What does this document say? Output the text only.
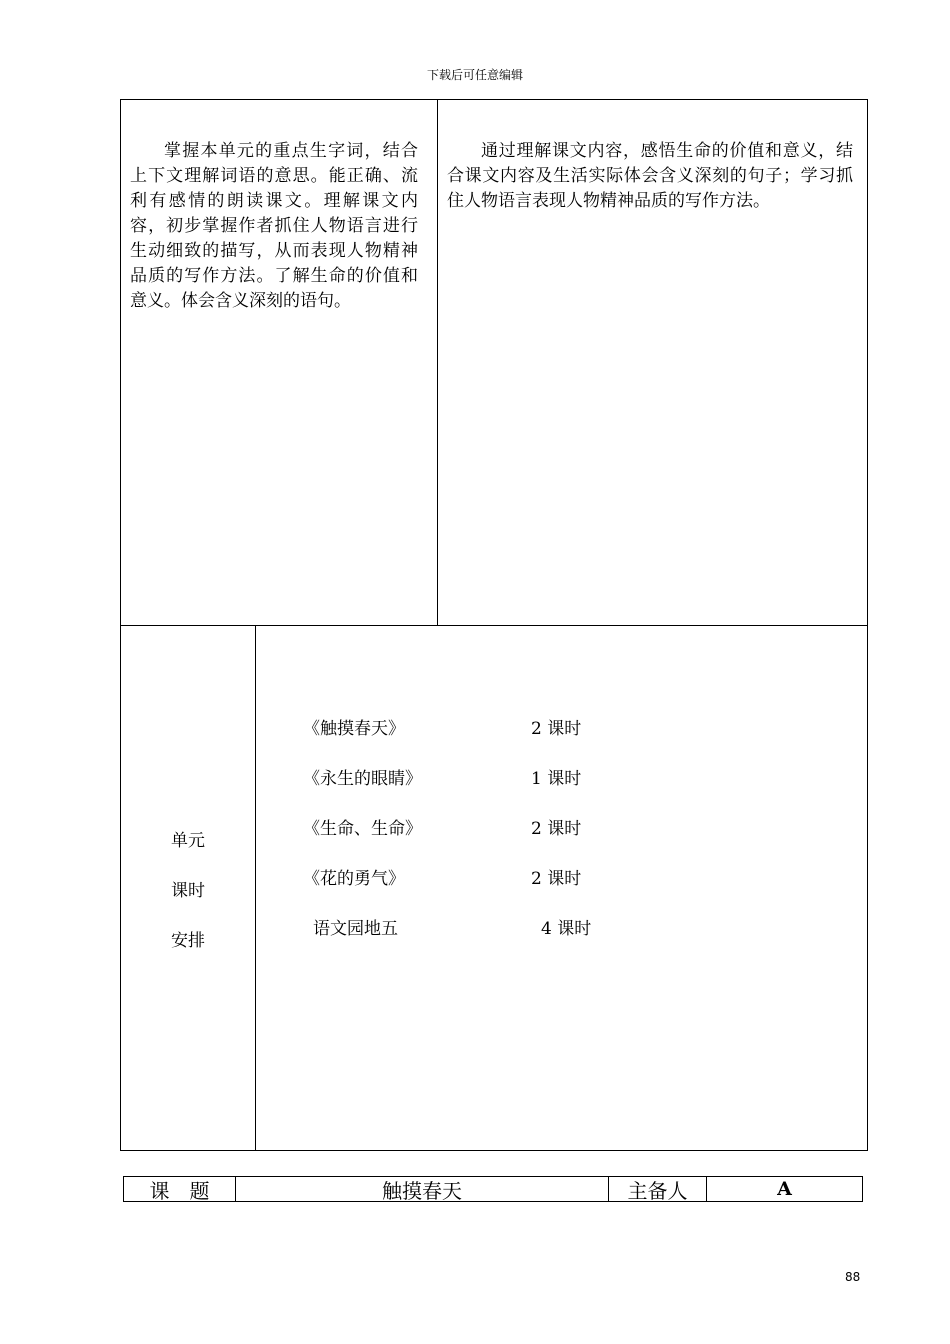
下载后可任意编辑

掌握本单元的重点生字词，结合上下文理解词语的意思。能正确、流利有感情的朗读课文。理解课文内容，初步掌握作者抓住人物语言进行生动细致的描写，从而表现人物精神品质的写作方法。了解生命的价值和意义。体会含义深刻的语句。

通过理解课文内容，感悟生命的价值和意义，结合课文内容及生活实际体会含义深刻的句子；学习抓住人物语言表现人物精神品质的写作方法。

单元
课时
安排
《触摸春天》	2 课时
《永生的眼睛》	1 课时
《生命、生命》	2 课时
《花的勇气》	2 课时
语文园地五	4 课时
课　题	触摸春天	主备人	A
88
